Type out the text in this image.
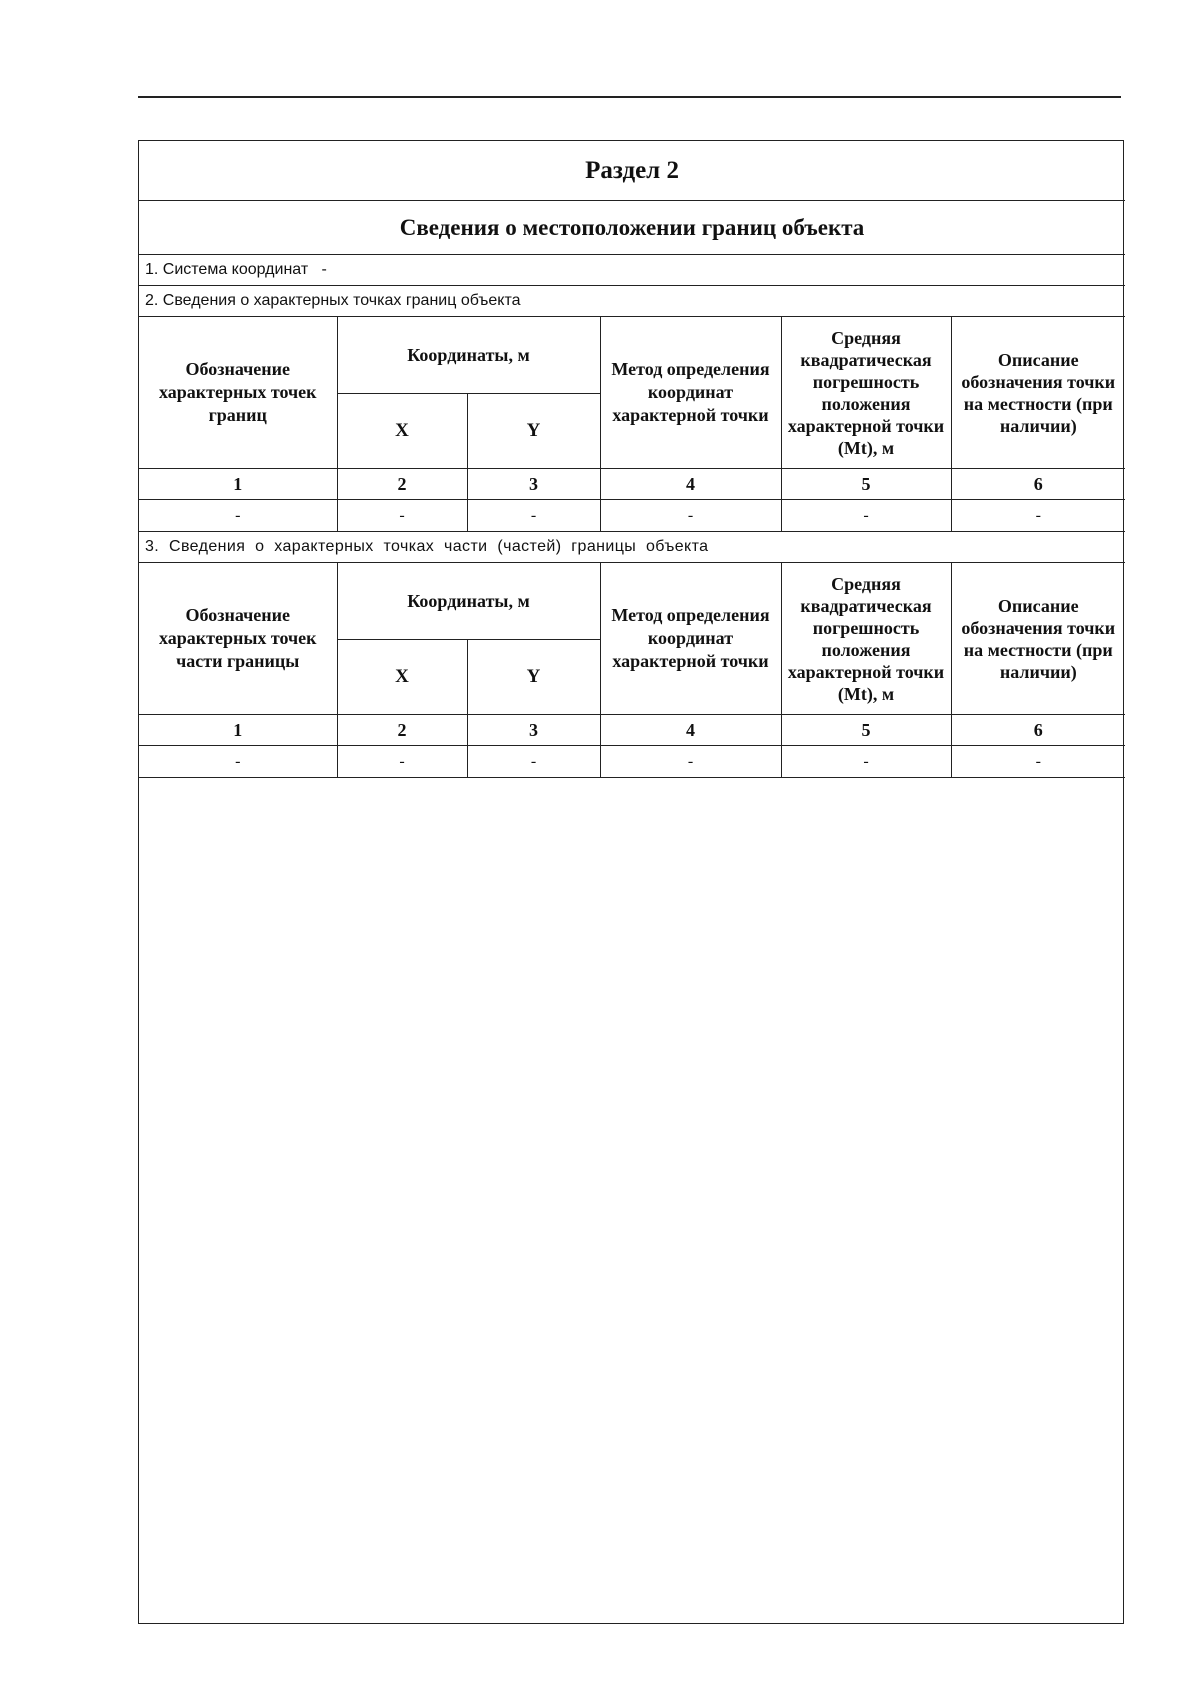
Раздел 2					
Сведения о местоположении границ объекта					
1. Система координат -					
2. Сведения о характерных точках границ объекта					
Обозначение характерных точек границ	Координаты, м		Метод определения координат характерной точки	Средняя квадратическая погрешность положения характерной точки (Mt), м	Описание обозначения точки на местности (при наличии)
	X	Y			
1	2	3	4	5	6
-	-	-	-	-	-
3. Сведения о характерных точках части (частей) границы объекта					
Обозначение характерных точек части границы	Координаты, м		Метод определения координат характерной точки	Средняя квадратическая погрешность положения характерной точки (Mt), м	Описание обозначения точки на местности (при наличии)
	X	Y			
1	2	3	4	5	6
-	-	-	-	-	-
